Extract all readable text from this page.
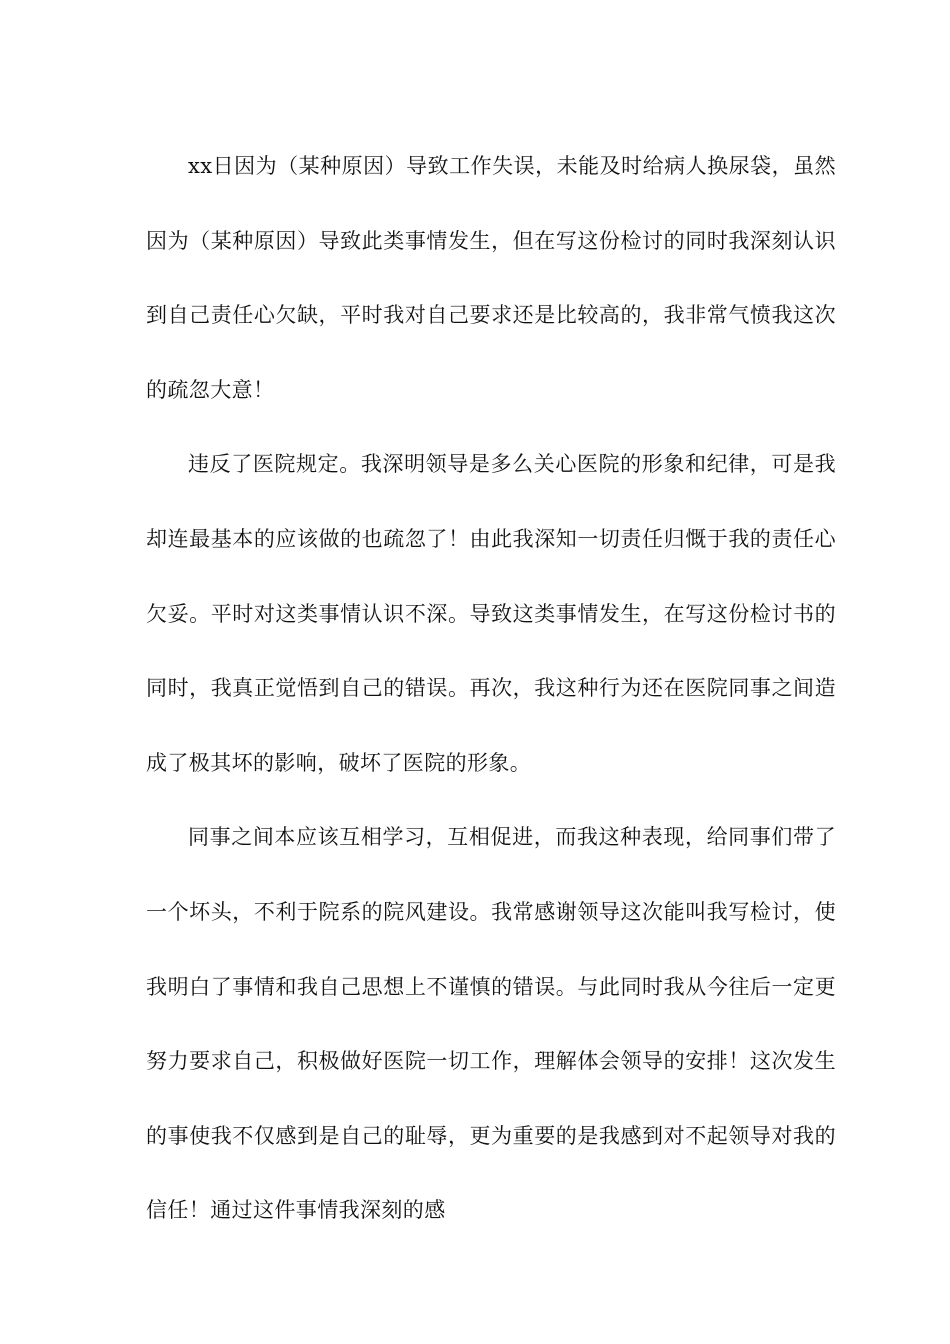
xx日因为（某种原因）导致工作失误，未能及时给病人换尿袋，虽然因为（某种原因）导致此类事情发生，但在写这份检讨的同时我深刻认识到自己责任心欠缺，平时我对自己要求还是比较高的，我非常气愤我这次的疏忽大意！

违反了医院规定。我深明领导是多么关心医院的形象和纪律，可是我却连最基本的应该做的也疏忽了！由此我深知一切责任归慨于我的责任心欠妥。平时对这类事情认识不深。导致这类事情发生，在写这份检讨书的同时，我真正觉悟到自己的错误。再次，我这种行为还在医院同事之间造成了极其坏的影响，破坏了医院的形象。

同事之间本应该互相学习，互相促进，而我这种表现，给同事们带了一个坏头，不利于院系的院风建设。我常感谢领导这次能叫我写检讨，使我明白了事情和我自己思想上不谨慎的错误。与此同时我从今往后一定更努力要求自己，积极做好医院一切工作，理解体会领导的安排！这次发生的事使我不仅感到是自己的耻辱，更为重要的是我感到对不起领导对我的信任！通过这件事情我深刻的感
